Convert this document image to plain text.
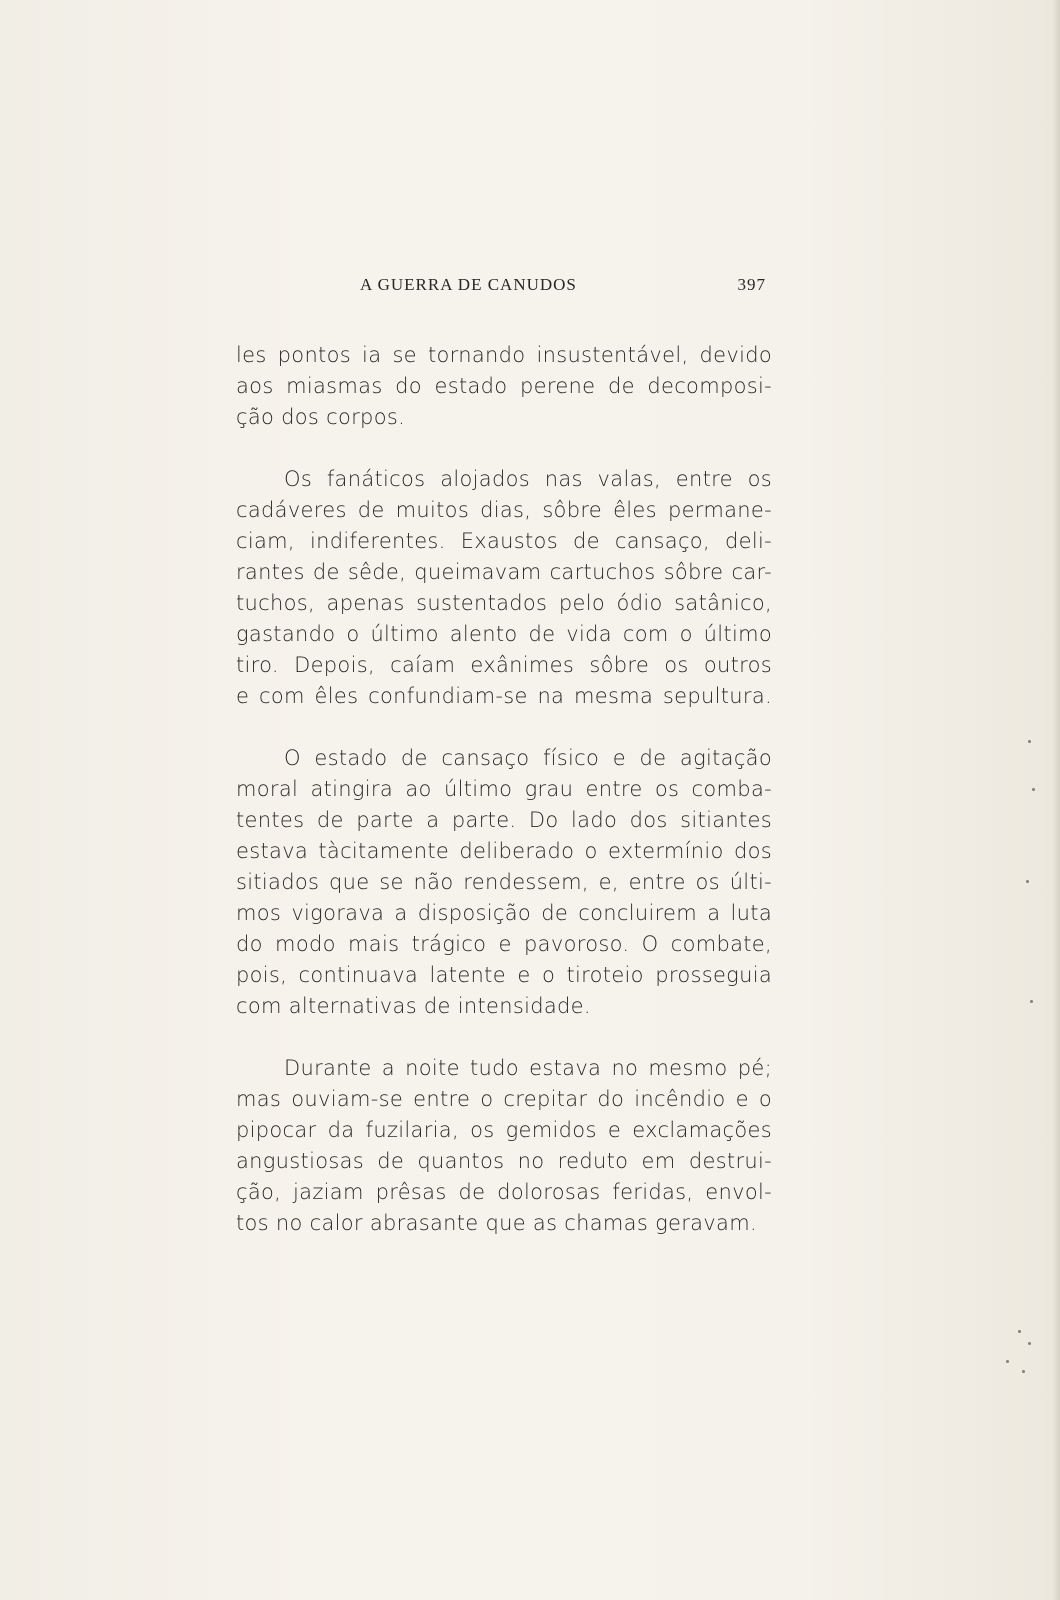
A GUERRA DE CANUDOS	397
les pontos ia se tornando insustentável, devido
aos miasmas do estado perene de decomposi-
ção dos corpos.
Os fanáticos alojados nas valas, entre os
cadáveres de muitos dias, sôbre êles permane-
ciam, indiferentes. Exaustos de cansaço, deli-
rantes de sêde, queimavam cartuchos sôbre car-
tuchos, apenas sustentados pelo ódio satânico,
gastando o último alento de vida com o último
tiro. Depois, caíam exânimes sôbre os outros
e com êles confundiam-se na mesma sepultura.
O estado de cansaço físico e de agitação
moral atingira ao último grau entre os comba-
tentes de parte a parte. Do lado dos sitiantes
estava tàcitamente deliberado o extermínio dos
sitiados que se não rendessem, e, entre os últi-
mos vigorava a disposição de concluirem a luta
do modo mais trágico e pavoroso. O combate,
pois, continuava latente e o tiroteio prosseguia
com alternativas de intensidade.
Durante a noite tudo estava no mesmo pé;
mas ouviam-se entre o crepitar do incêndio e o
pipocar da fuzilaria, os gemidos e exclamações
angustiosas de quantos no reduto em destrui-
ção, jaziam prêsas de dolorosas feridas, envol-
tos no calor abrasante que as chamas geravam.
